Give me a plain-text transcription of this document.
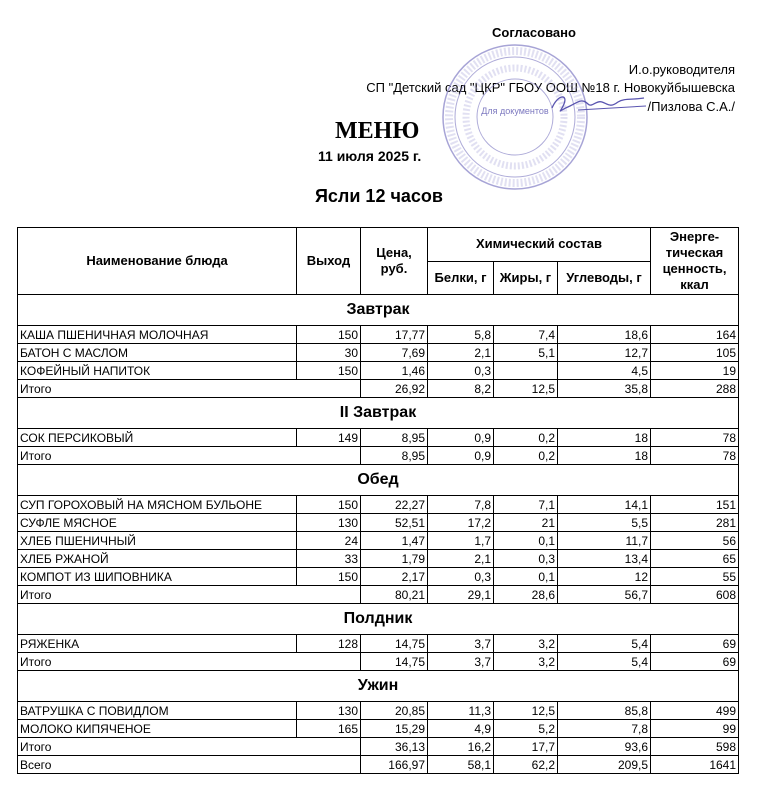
Согласовано
И.о.руководителя
СП "Детский сад "ЦКР" ГБОУ ООШ №18 г. Новокуйбышевска
/Пизлова С.А./
Для документов
МЕНЮ
11 июля 2025 г.
Ясли 12 часов
Наименование блюда	Выход	Цена, руб.	Химический состав			Энерге-тическая ценность, ккал
			Белки, г	Жиры, г	Углеводы, г	
Завтрак						
КАША ПШЕНИЧНАЯ МОЛОЧНАЯ	150	17,77	5,8	7,4	18,6	164
БАТОН С МАСЛОМ	30	7,69	2,1	5,1	12,7	105
КОФЕЙНЫЙ НАПИТОК	150	1,46	0,3		4,5	19
Итого		26,92	8,2	12,5	35,8	288
II Завтрак						
СОК ПЕРСИКОВЫЙ	149	8,95	0,9	0,2	18	78
Итого		8,95	0,9	0,2	18	78
Обед						
СУП ГОРОХОВЫЙ НА МЯСНОМ БУЛЬОНЕ	150	22,27	7,8	7,1	14,1	151
СУФЛЕ МЯСНОЕ	130	52,51	17,2	21	5,5	281
ХЛЕБ ПШЕНИЧНЫЙ	24	1,47	1,7	0,1	11,7	56
ХЛЕБ РЖАНОЙ	33	1,79	2,1	0,3	13,4	65
КОМПОТ ИЗ ШИПОВНИКА	150	2,17	0,3	0,1	12	55
Итого		80,21	29,1	28,6	56,7	608
Полдник						
РЯЖЕНКА	128	14,75	3,7	3,2	5,4	69
Итого		14,75	3,7	3,2	5,4	69
Ужин						
ВАТРУШКА С ПОВИДЛОМ	130	20,85	11,3	12,5	85,8	499
МОЛОКО КИПЯЧЕНОЕ	165	15,29	4,9	5,2	7,8	99
Итого		36,13	16,2	17,7	93,6	598
Всего		166,97	58,1	62,2	209,5	1641
